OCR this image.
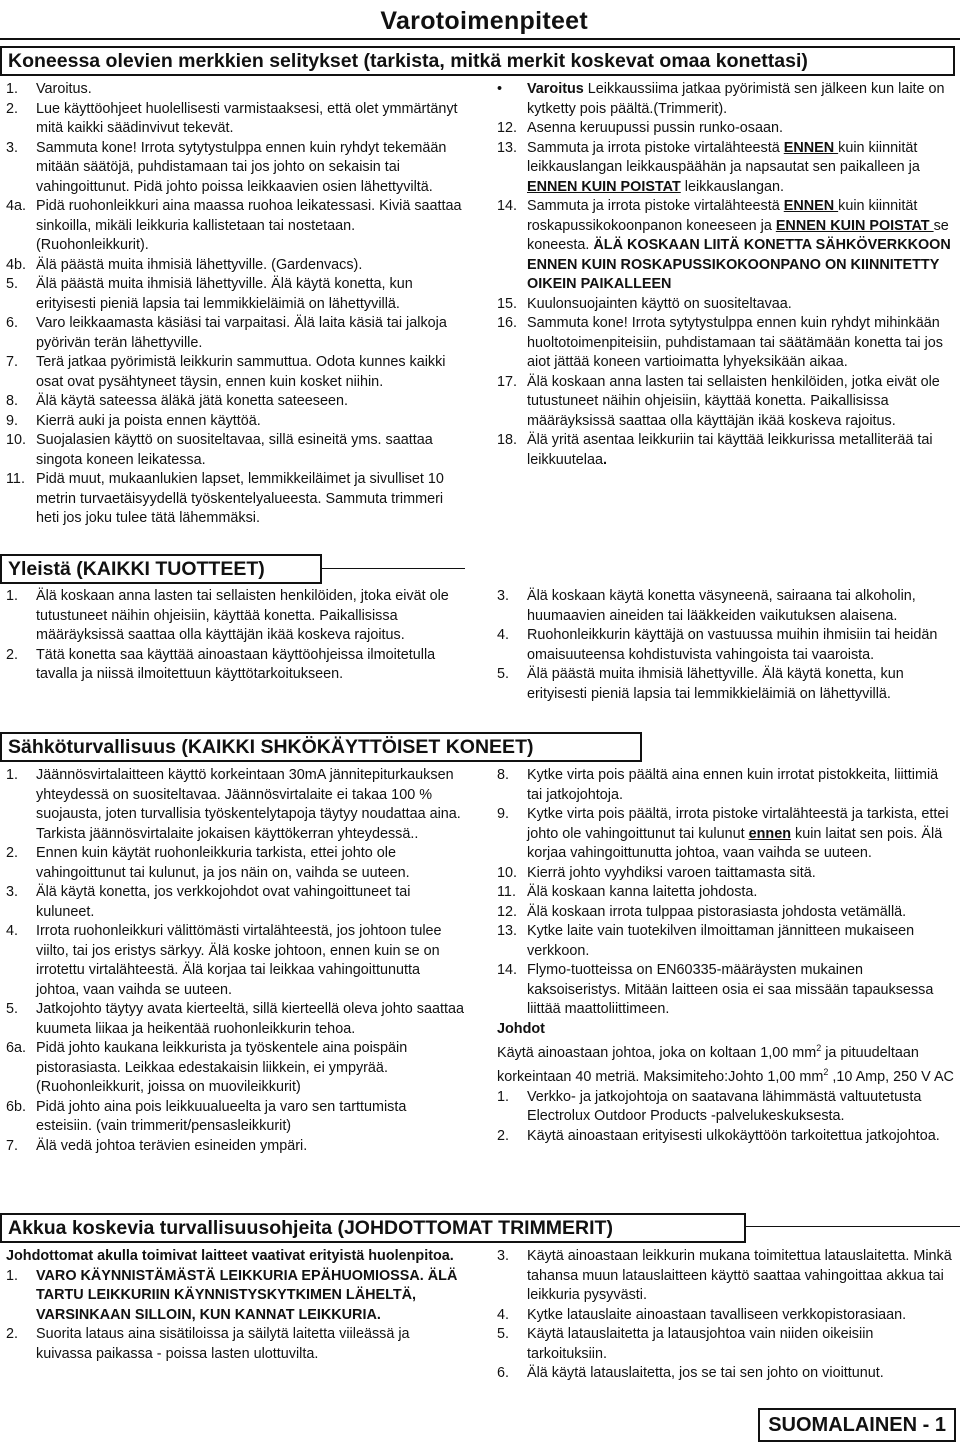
Varotoimenpiteet
Koneessa olevien merkkien selitykset (tarkista, mitkä merkit koskevat omaa konettasi)
1.	Varoitus.
2.	Lue käyttöohjeet huolellisesti varmistaaksesi, että olet ymmärtänyt mitä kaikki säädinvivut tekevät.
3.	Sammuta kone! Irrota sytytystulppa ennen kuin ryhdyt tekemään mitään säätöjä, puhdistamaan tai jos johto on sekaisin tai vahingoittunut. Pidä johto poissa leikkaavien osien lähettyviltä.
4a. Pidä ruohonleikkuri aina maassa ruohoa leikatessasi. Kiviä saattaa sinkoilla, mikäli leikkuria kallistetaan tai nostetaan. (Ruohonleikkurit).
4b. Älä päästä muita ihmisiä lähettyville. (Gardenvacs).
5.	Älä päästä muita ihmisiä lähettyville. Älä käytä konetta, kun erityisesti pieniä lapsia tai lemmikkieläimiä on lähettyvillä.
6.	Varo leikkaamasta käsiäsi tai varpaitasi. Älä laita käsiä tai jalkoja pyörivän terän lähettyville.
7.	Terä jatkaa pyörimistä leikkurin sammuttua. Odota kunnes kaikki osat ovat pysähtyneet täysin, ennen kuin kosket niihin.
8.	Älä käytä sateessa äläkä jätä konetta sateeseen.
9.	Kierrä auki ja poista ennen käyttöä.
10. Suojalasien käyttö on suositeltavaa, sillä esineitä yms. saattaa singota koneen leikatessa.
11. Pidä muut, mukaanlukien lapset, lemmikkeiläimet ja sivulliset 10 metrin turvaetäisyydellä työskentelyalueesta. Sammuta trimmeri heti jos joku tulee tätä lähemmäksi.
•	Varoitus Leikkaussiima jatkaa pyörimistä sen jälkeen kun laite on kytketty pois päältä.(Trimmerit).
12. Asenna keruupussi pussin runko-osaan.
13. Sammuta ja irrota pistoke virtalähteestä ENNEN kuin kiinnität leikkauslangan leikkauspäähän ja napsautat sen paikalleen ja ENNEN KUIN POISTAT leikkauslangan.
14. Sammuta ja irrota pistoke virtalähteestä ENNEN kuin kiinnität roskapussikokoonpanon koneeseen ja ENNEN KUIN POISTAT se koneesta. ÄLÄ KOSKAAN LIITÄ KONETTA SÄHKÖVERKKOON ENNEN KUIN ROSKAPUSSIKOKOONPANO ON KIINNITETTY OIKEIN PAIKALLEEN
15. Kuulonsuojainten käyttö on suositeltavaa.
16. Sammuta kone! Irrota sytytystulppa ennen kuin ryhdyt mihinkään huoltotoimenpiteisiin, puhdistamaan tai säätämään konetta tai jos aiot jättää koneen vartioimatta lyhyeksikään aikaa.
17. Älä koskaan anna lasten tai sellaisten henkilöiden, jotka eivät ole tutustuneet näihin ohjeisiin, käyttää konetta. Paikallisissa määräyksissä saattaa olla käyttäjän ikää koskeva rajoitus.
18. Älä yritä asentaa leikkuriin tai käyttää leikkurissa metalliterää tai leikkuutelaa.
Yleistä (KAIKKI TUOTTEET)
1.	Älä koskaan anna lasten tai sellaisten henkilöiden, jtoka eivät ole tutustuneet näihin ohjeisiin, käyttää konetta. Paikallisissa määräyksissä saattaa olla käyttäjän ikää koskeva rajoitus.
2.	Tätä konetta saa käyttää ainoastaan käyttöohjeissa ilmoitetulla tavalla ja niissä ilmoitettuun käyttötarkoitukseen.
3.	Älä koskaan käytä konetta väsyneenä, sairaana tai alkoholin, huumaavien aineiden tai lääkkeiden vaikutuksen alaisena.
4.	Ruohonleikkurin käyttäjä on vastuussa muihin ihmisiin tai heidän omaisuuteensa kohdistuvista vahingoista tai vaaroista.
5.	Älä päästä muita ihmisiä lähettyville. Älä käytä konetta, kun erityisesti pieniä lapsia tai lemmikkieläimiä on lähettyvillä.
Sähköturvallisuus (KAIKKI SHKÖKÄYTTÖISET KONEET)
1.	Jäännösvirtalaitteen käyttö korkeintaan 30mA jännitepiturkauksen yhteydessä on suositeltavaa. Jäännösvirtalaite ei takaa 100 % suojausta, joten turvallisia työskentelytapoja täytyy noudattaa aina. Tarkista jäännösvirtalaite jokaisen käyttökerran yhteydessä..
2.	Ennen kuin käytät ruohonleikkuria tarkista, ettei johto ole vahingoittunut tai kulunut, ja jos näin on, vaihda se uuteen.
3.	Älä käytä konetta, jos verkkojohdot ovat vahingoittuneet tai kuluneet.
4.	Irrota ruohonleikkuri välittömästi virtalähteestä, jos johtoon tulee viilto, tai jos eristys särkyy. Älä koske johtoon, ennen kuin se on irrotettu virtalähteestä. Älä korjaa tai leikkaa vahingoittunutta johtoa, vaan vaihda se uuteen.
5.	Jatkojohto täytyy avata kierteeltä, sillä kierteellä oleva johto saattaa kuumeta liikaa ja heikentää ruohonleikkurin tehoa.
6a. Pidä johto kaukana leikkurista ja työskentele aina poispäin pistorasiasta. Leikkaa edestakaisin liikkein, ei ympyrää. (Ruohonleikkurit, joissa on muovileikkurit)
6b. Pidä johto aina pois leikkuualueelta ja varo sen tarttumista esteisiin. (vain trimmerit/pensasleikkurit)
7.	Älä vedä johtoa terävien esineiden ympäri.
8.	Kytke virta pois päältä aina ennen kuin irrotat pistokkeita, liittimiä tai jatkojohtoja.
9.	Kytke virta pois päältä, irrota pistoke virtalähteestä ja tarkista, ettei johto ole vahingoittunut tai kulunut ennen kuin laitat sen pois. Älä korjaa vahingoittunutta johtoa, vaan vaihda se uuteen.
10. Kierrä johto vyyhdiksi varoen taittamasta sitä.
11. Älä koskaan kanna laitetta johdosta.
12. Älä koskaan irrota tulppaa pistorasiasta johdosta vetämällä.
13. Kytke laite vain tuotekilven ilmoittaman jännitteen mukaiseen verkkoon.
14. Flymo-tuotteissa on EN60335-määräysten mukainen kaksoiseristys. Mitään laitteen osia ei saa missään tapauksessa liittää maattoliittimeen.

Johdot

Käytä ainoastaan johtoa, joka on koltaan 1,00 $mm^2$ ja pituudeltaan korkeintaan 40 metriä. Maksimiteho:Johto 1,00 $mm^2$ ,10 Amp, 250 V AC

1.	Verkko- ja jatkojohtoja on saatavana lähimmästä valtuutetusta Electrolux Outdoor Products -palvelukeskuksesta.
2.	Käytä ainoastaan erityisesti ulkokäyttöön tarkoitettua jatkojohtoa.
Akkua koskevia turvallisuusohjeita (JOHDOTTOMAT TRIMMERIT)

Johdottomat akulla toimivat laitteet vaativat erityistä huolenpitoa.

1.	VARO KÄYNNISTÄMÄSTÄ LEIKKURIA EPÄHUOMIOSSA. ÄLÄ TARTU LEIKKURIIN KÄYNNISTYSKYTKIMEN LÄHELTÄ, VARSINKAAN SILLOIN, KUN KANNAT LEIKKURIA.
2.	Suorita lataus aina sisätiloissa ja säilytä laitetta viileässä ja kuivassa paikassa - poissa lasten ulottuvilta.
3.	Käytä ainoastaan leikkurin mukana toimitettua latauslaitetta. Minkä tahansa muun latauslaitteen käyttö saattaa vahingoittaa akkua tai leikkuria pysyvästi.
4.	Kytke latauslaite ainoastaan tavalliseen verkkopistorasiaan.
5.	Käytä latauslaitetta ja latausjohtoa vain niiden oikeisiin tarkoituksiin.
6.	Älä käytä latauslaitetta, jos se tai sen johto on vioittunut.
SUOMALAINEN - 1
